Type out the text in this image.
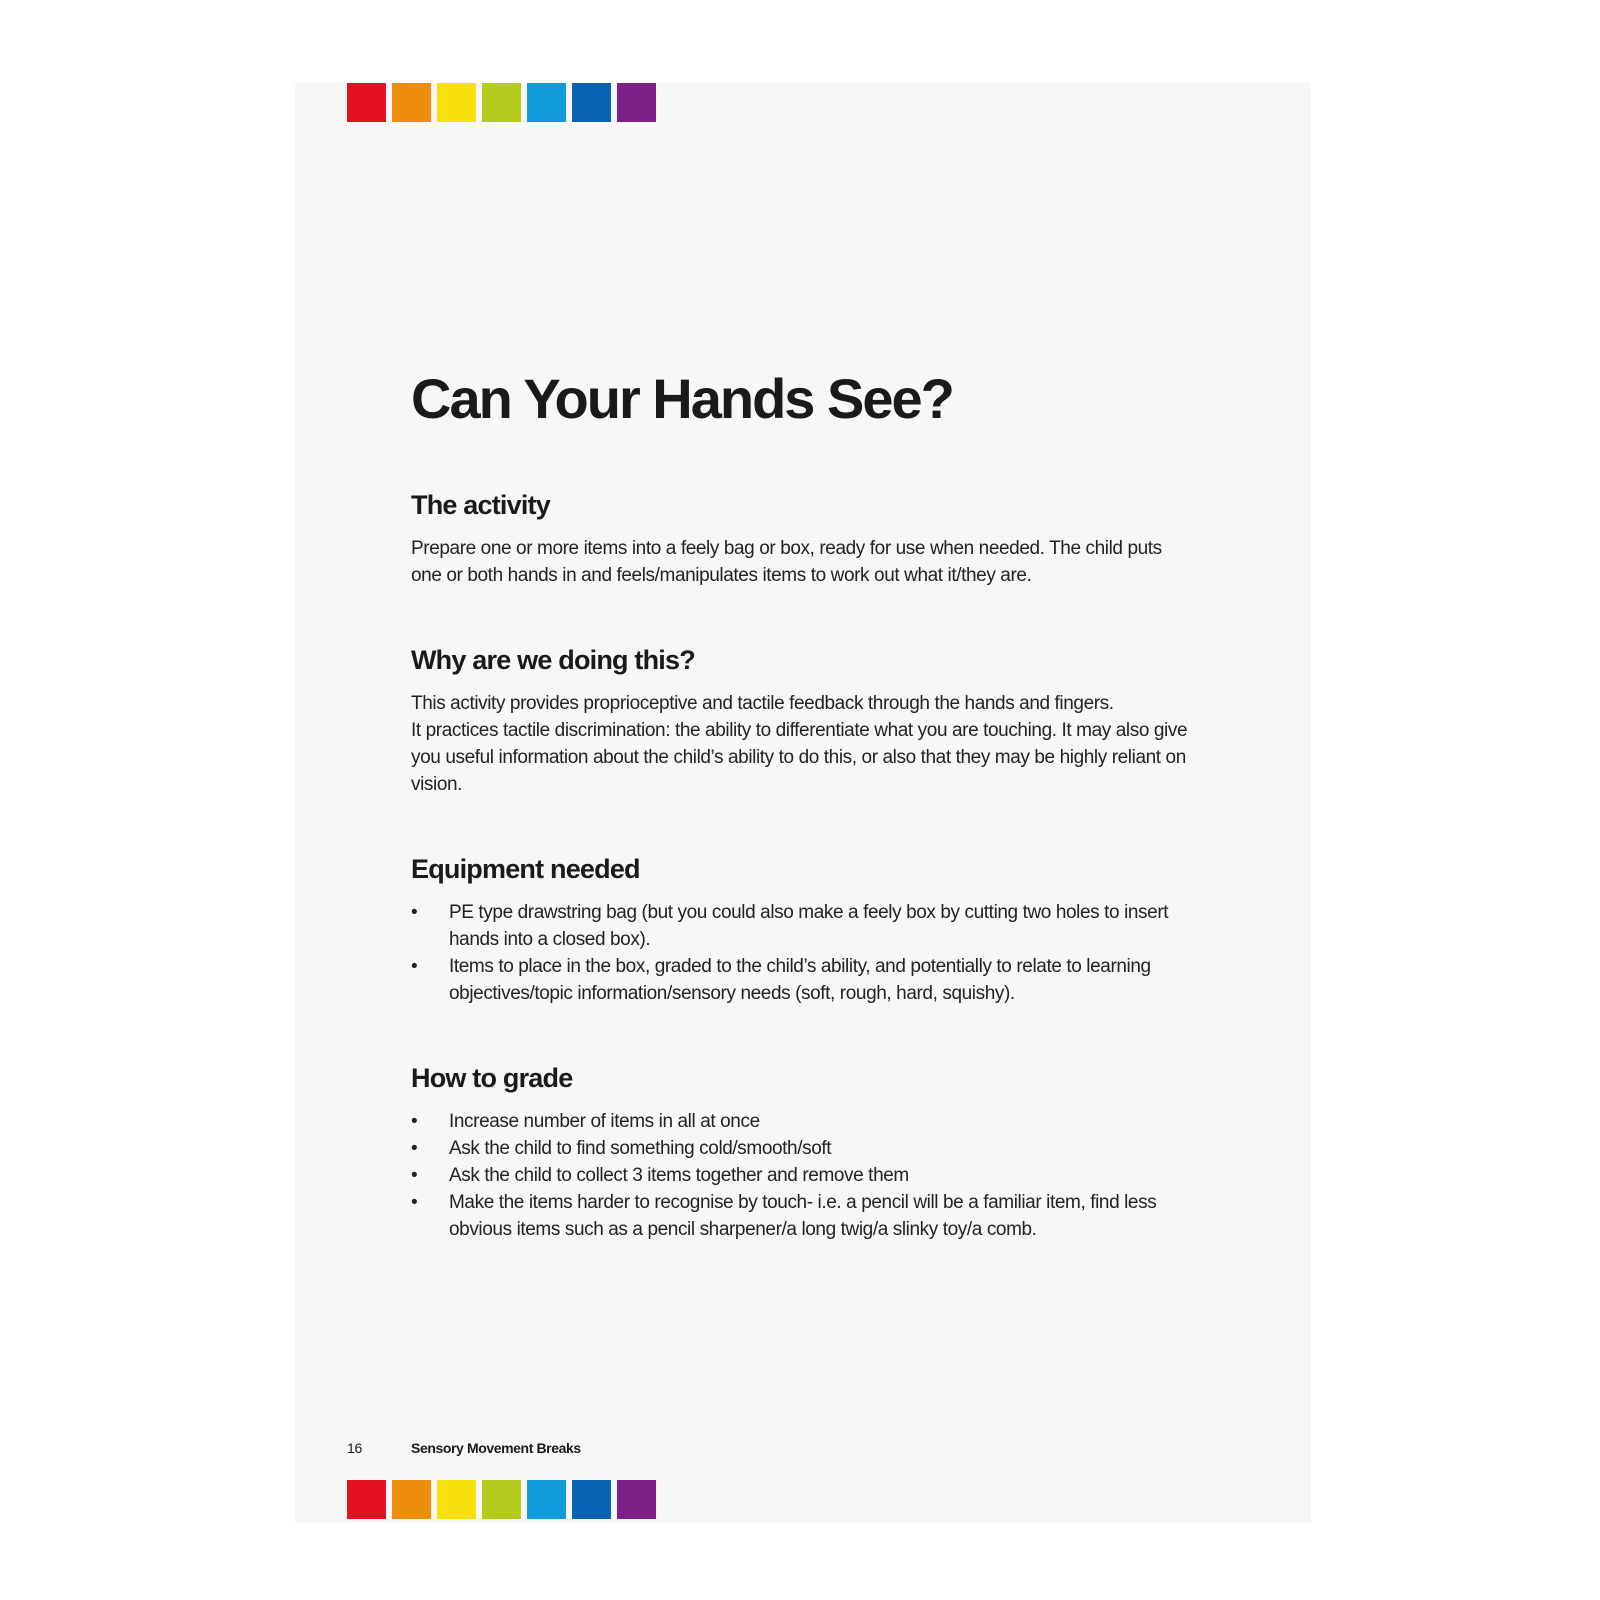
Can Your Hands See?
The activity

Prepare one or more items into a feely bag or box, ready for use when needed. The child puts one or both hands in and feels/manipulates items to work out what it/they are.

Why are we doing this?

This activity provides proprioceptive and tactile feedback through the hands and fingers.

It practices tactile discrimination: the ability to differentiate what you are touching. It may also give you useful information about the child’s ability to do this, or also that they may be highly reliant on vision.

Equipment needed
•	PE type drawstring bag (but you could also make a feely box by cutting two holes to insert hands into a closed box).
•	Items to place in the box, graded to the child’s ability, and potentially to relate to learning objectives/topic information/sensory needs (soft, rough, hard, squishy).
How to grade
•	Increase number of items in all at once
•	Ask the child to find something cold/smooth/soft
•	Ask the child to collect 3 items together and remove them
•	Make the items harder to recognise by touch- i.e. a pencil will be a familiar item, find less obvious items such as a pencil sharpener/a long twig/a slinky toy/a comb.
16	Sensory Movement Breaks
